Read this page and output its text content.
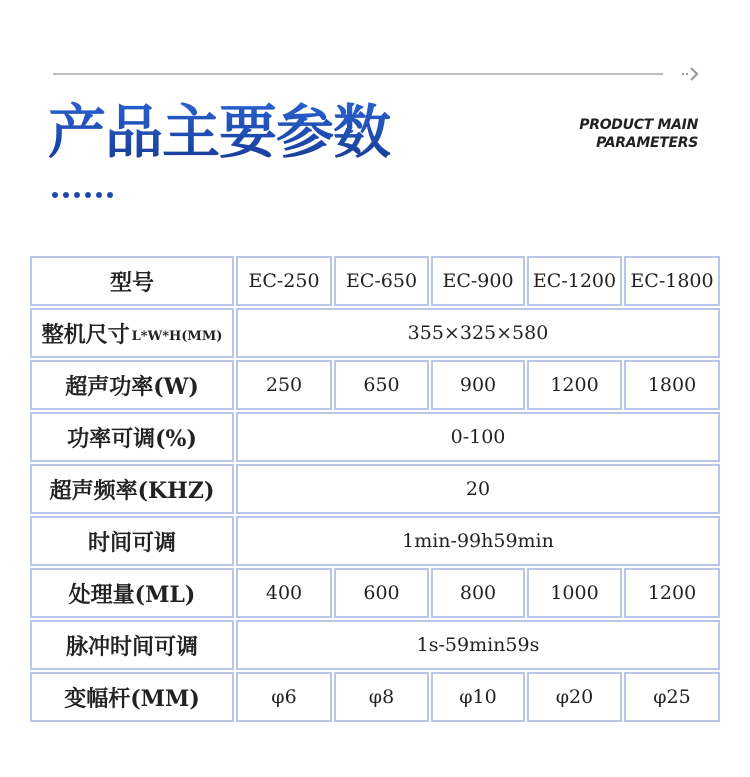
产品主要参数	PRODUCT MAIN
PARAMETERS
型号	EC-250	EC-650	EC-900	EC-1200 EC-1800
整机尺寸 L*W*H(MM)	355×325×580
超声功率(W)	250	650	900	1200	1800
功率可调(%)	0-100
超声频率(KHZ)	20
时间可调	1min-99h59min
处理量(ML)	400	600	800	1000	1200
脉冲时间可调	1s-59min59s
变幅杆(MM)	φ6	φ8	φ10	φ20	φ25
